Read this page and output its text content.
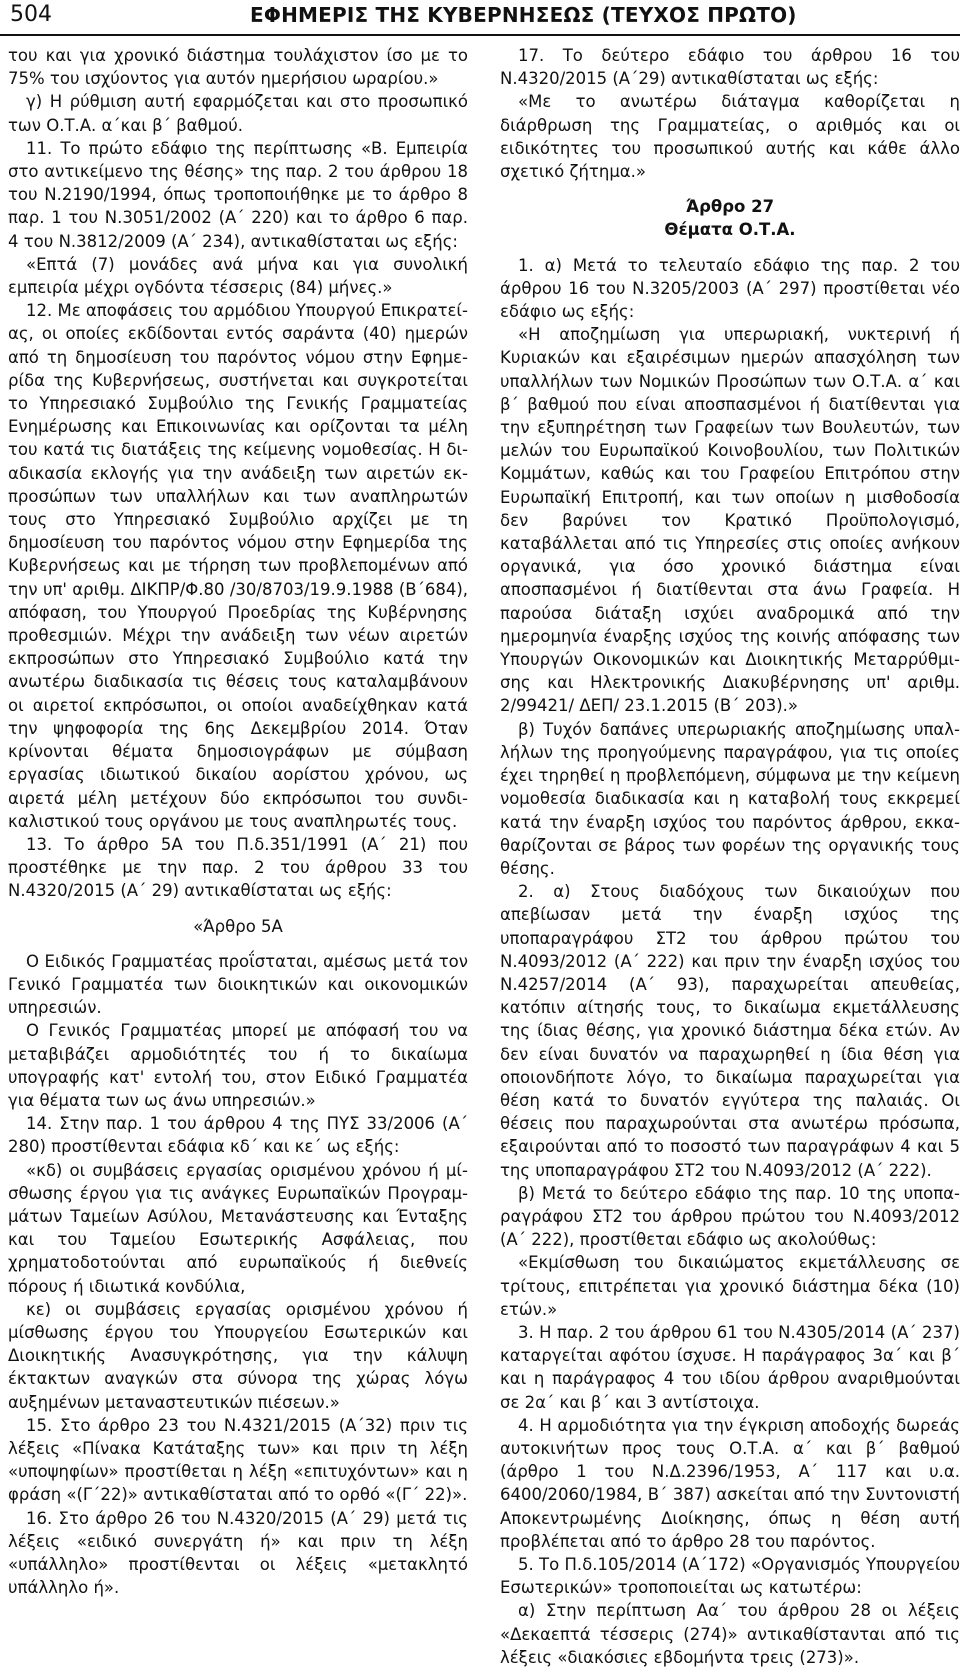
504	ΕΦΗΜΕΡΙΣ ΤΗΣ ΚΥΒΕΡΝΗΣΕΩΣ (ΤΕΥΧΟΣ ΠΡΩΤΟ)

του και για χρονικό διάστημα τουλάχιστον ίσο με το 75% του ισχύοντος για αυτόν ημερήσιου ωραρίου.»

γ) Η ρύθμιση αυτή εφαρμόζεται και στο προσωπικό των Ο.Τ.Α. α΄και β΄ βαθμού.

11. Το πρώτο εδάφιο της περίπτωσης «Β. Εμπειρία στο αντικείμενο της θέσης» της παρ. 2 του άρθρου 18 του Ν.2190/1994, όπως τροποποιήθηκε με το άρθρο 8 παρ. 1 του Ν.3051/2002 (Α΄ 220) και το άρθρο 6 παρ. 4 του Ν.3812/2009 (Α΄ 234), αντικαθίσταται ως εξής:

«Επτά (7) μονάδες ανά μήνα και για συνολική εμπειρία μέχρι ογδόντα τέσσερις (84) μήνες.»

12. Με αποφάσεις του αρμόδιου Υπουργού Επικρατείας, οι οποίες εκδίδονται εντός σαράντα (40) ημερών από τη δημοσίευση του παρόντος νόμου στην Εφημερίδα της Κυβερνήσεως, συστήνεται και συγκροτείται το Υπηρεσιακό Συμβούλιο της Γενικής Γραμματείας Ενημέρωσης και Επικοινωνίας και ορίζονται τα μέλη του κατά τις διατάξεις της κείμενης νομοθεσίας. Η διαδικασία εκλογής για την ανάδειξη των αιρετών εκπροσώπων των υπαλλήλων και των αναπληρωτών τους στο Υπηρεσιακό Συμβούλιο αρχίζει με τη δημοσίευση του παρόντος νόμου στην Εφημερίδα της Κυβερνήσεως και με τήρηση των προβλεπομένων από την υπ' αριθμ. ΔΙΚΠΡ/Φ.80 /30/8703/19.9.1988 (Β΄684), απόφαση, του Υπουργού Προεδρίας της Κυβέρνησης προθεσμιών. Μέχρι την ανάδειξη των νέων αιρετών εκπροσώπων στο Υπηρεσιακό Συμβούλιο κατά την ανωτέρω διαδικασία τις θέσεις τους καταλαμβάνουν οι αιρετοί εκπρόσωποι, οι οποίοι αναδείχθηκαν κατά την ψηφοφορία της 6ης Δεκεμβρίου 2014. Όταν κρίνονται θέματα δημοσιογράφων με σύμβαση εργασίας ιδιωτικού δικαίου αορίστου χρόνου, ως αιρετά μέλη μετέχουν δύο εκπρόσωποι του συνδικαλιστικού τους οργάνου με τους αναπληρωτές τους.

13. Το άρθρο 5Α του Π.δ.351/1991 (Α΄ 21) που προστέθηκε με την παρ. 2 του άρθρου 33 του Ν.4320/2015 (Α΄ 29) αντικαθίσταται ως εξής:

«Άρθρο 5Α

Ο Ειδικός Γραμματέας προΐσταται, αμέσως μετά τον Γενικό Γραμματέα των διοικητικών και οικονομικών υπηρεσιών.

Ο Γενικός Γραμματέας μπορεί με απόφασή του να μεταβιβάζει αρμοδιότητές του ή το δικαίωμα υπογραφής κατ' εντολή του, στον Ειδικό Γραμματέα για θέματα των ως άνω υπηρεσιών.»

14. Στην παρ. 1 του άρθρου 4 της ΠΥΣ 33/2006 (Α΄ 280) προστίθενται εδάφια κδ΄ και κε΄ ως εξής:

«κδ) οι συμβάσεις εργασίας ορισμένου χρόνου ή μίσθωσης έργου για τις ανάγκες Ευρωπαϊκών Προγραμμάτων Ταμείων Ασύλου, Μετανάστευσης και Ένταξης και του Ταμείου Εσωτερικής Ασφάλειας, που χρηματοδοτούνται από ευρωπαϊκούς ή διεθνείς πόρους ή ιδιωτικά κονδύλια,

κε) οι συμβάσεις εργασίας ορισμένου χρόνου ή μίσθωσης έργου του Υπουργείου Εσωτερικών και Διοικητικής Ανασυγκρότησης, για την κάλυψη έκτακτων αναγκών στα σύνορα της χώρας λόγω αυξημένων μεταναστευτικών πιέσεων.»

15. Στο άρθρο 23 του Ν.4321/2015 (Α΄32) πριν τις λέξεις «Πίνακα Κατάταξης των» και πριν τη λέξη «υποψηφίων» προστίθεται η λέξη «επιτυχόντων» και η φράση «(Γ΄22)» αντικαθίσταται από το ορθό «(Γ΄ 22)».

16. Στο άρθρο 26 του Ν.4320/2015 (Α΄ 29) μετά τις λέξεις «ειδικό συνεργάτη ή» και πριν τη λέξη «υπάλληλο» προστίθενται οι λέξεις «μετακλητό υπάλληλο ή».

17. Το δεύτερο εδάφιο του άρθρου 16 του Ν.4320/2015 (Α΄29) αντικαθίσταται ως εξής:

«Με το ανωτέρω διάταγμα καθορίζεται η διάρθρωση της Γραμματείας, ο αριθμός και οι ειδικότητες του προσωπικού αυτής και κάθε άλλο σχετικό ζήτημα.»

Άρθρο 27

Θέματα Ο.Τ.Α.

1. α) Μετά το τελευταίο εδάφιο της παρ. 2 του άρθρου 16 του Ν.3205/2003 (Α΄ 297) προστίθεται νέο εδάφιο ως εξής:

«Η αποζημίωση για υπερωριακή, νυκτερινή ή Κυριακών και εξαιρέσιμων ημερών απασχόληση των υπαλλήλων των Νομικών Προσώπων των Ο.Τ.Α. α΄ και β΄ βαθμού που είναι αποσπασμένοι ή διατίθενται για την εξυπηρέτηση των Γραφείων των Βουλευτών, των μελών του Ευρωπαϊκού Κοινοβουλίου, των Πολιτικών Κομμάτων, καθώς και του Γραφείου Επιτρόπου στην Ευρωπαϊκή Επιτροπή, και των οποίων η μισθοδοσία δεν βαρύνει τον Κρατικό Προϋπολογισμό, καταβάλλεται από τις Υπηρεσίες στις οποίες ανήκουν οργανικά, για όσο χρονικό διάστημα είναι αποσπασμένοι ή διατίθενται στα άνω Γραφεία. Η παρούσα διάταξη ισχύει αναδρομικά από την ημερομηνία έναρξης ισχύος της κοινής απόφασης των Υπουργών Οικονομικών και Διοικητικής Μεταρρύθμισης και Ηλεκτρονικής Διακυβέρνησης υπ' αριθμ. 2/99421/ ΔΕΠ/ 23.1.2015 (Β΄ 203).»

β) Τυχόν δαπάνες υπερωριακής αποζημίωσης υπαλλήλων της προηγούμενης παραγράφου, για τις οποίες έχει τηρηθεί η προβλεπόμενη, σύμφωνα με την κείμενη νομοθεσία διαδικασία και η καταβολή τους εκκρεμεί κατά την έναρξη ισχύος του παρόντος άρθρου, εκκαθαρίζονται σε βάρος των φορέων της οργανικής τους θέσης.

2. α) Στους διαδόχους των δικαιούχων που απεβίωσαν μετά την έναρξη ισχύος της υποπαραγράφου ΣΤ2 του άρθρου πρώτου του Ν.4093/2012 (Α΄ 222) και πριν την έναρξη ισχύος του Ν.4257/2014 (Α΄ 93), παραχωρείται απευθείας, κατόπιν αίτησής τους, το δικαίωμα εκμετάλλευσης της ίδιας θέσης, για χρονικό διάστημα δέκα ετών. Αν δεν είναι δυνατόν να παραχωρηθεί η ίδια θέση για οποιονδήποτε λόγο, το δικαίωμα παραχωρείται για θέση κατά το δυνατόν εγγύτερα της παλαιάς. Οι θέσεις που παραχωρούνται στα ανωτέρω πρόσωπα, εξαιρούνται από το ποσοστό των παραγράφων 4 και 5 της υποπαραγράφου ΣΤ2 του Ν.4093/2012 (Α΄ 222).

β) Μετά το δεύτερο εδάφιο της παρ. 10 της υποπαραγράφου ΣΤ2 του άρθρου πρώτου του Ν.4093/2012 (Α΄ 222), προστίθεται εδάφιο ως ακολούθως:

«Εκμίσθωση του δικαιώματος εκμετάλλευσης σε τρίτους, επιτρέπεται για χρονικό διάστημα δέκα (10) ετών.»

3. Η παρ. 2 του άρθρου 61 του Ν.4305/2014 (Α΄ 237) καταργείται αφότου ίσχυσε. Η παράγραφος 3α΄ και β΄ και η παράγραφος 4 του ιδίου άρθρου αναριθμούνται σε 2α΄ και β΄ και 3 αντίστοιχα.

4. Η αρμοδιότητα για την έγκριση αποδοχής δωρεάς αυτοκινήτων προς τους Ο.Τ.Α. α΄ και β΄ βαθμού (άρθρο 1 του Ν.Δ.2396/1953, Α΄ 117 και υ.α. 6400/2060/1984, Β΄ 387) ασκείται από την Συντονιστή Αποκεντρωμένης Διοίκησης, όπως η θέση αυτή προβλέπεται από το άρθρο 28 του παρόντος.

5. Το Π.δ.105/2014 (Α΄172) «Οργανισμός Υπουργείου Εσωτερικών» τροποποιείται ως κατωτέρω:

α) Στην περίπτωση Αα΄ του άρθρου 28 οι λέξεις «Δεκαεπτά τέσσερις (274)» αντικαθίστανται από τις λέξεις «διακόσιες εβδομήντα τρεις (273)».
